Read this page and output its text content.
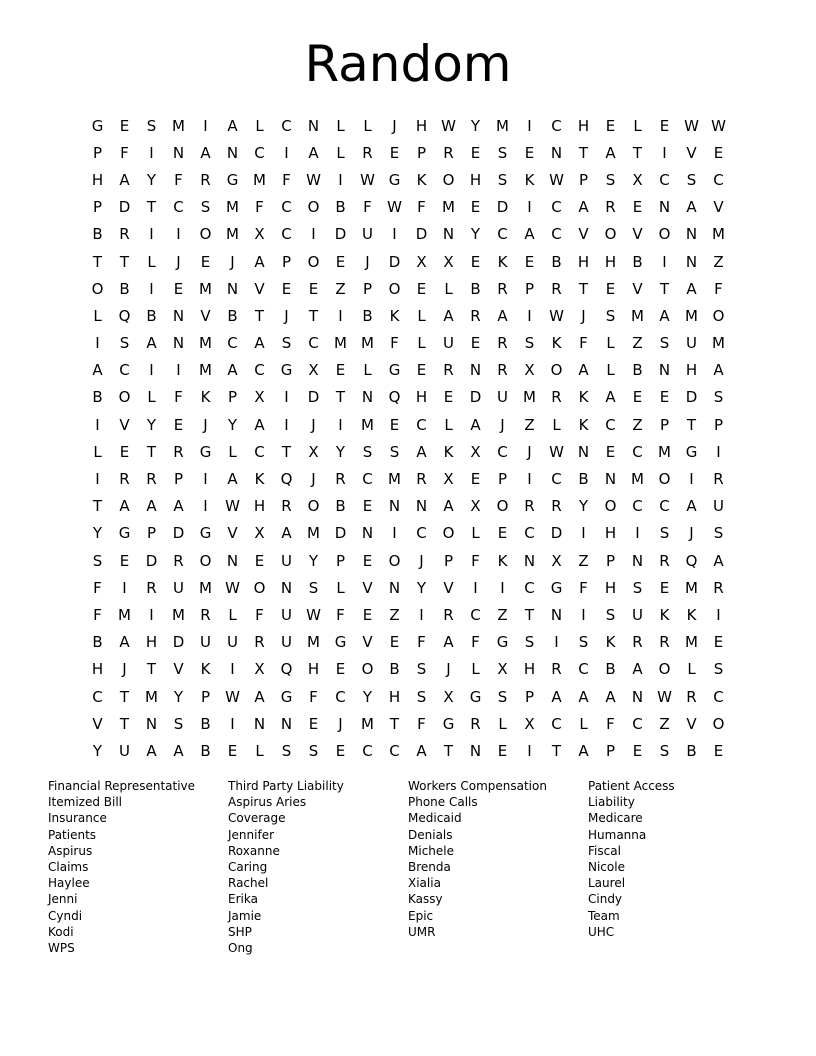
Random
G	E	S	M	I	A	L	C	N	L	L	J	H W Y	M	I	C	H	E	L	E W W
P	F	I	N	A	N	C	I	A	L	R	E	P	R	E	S	E	N	T	A	T	I	V	E
H	A	Y	F	R	G M	F	W	I	W G	K	O	H	S	K W	P	S	X	C	S	C
P	D	T	C	S	M	F	C	O	B	F	W	F	M	E	D	I	C	A	R	E	N	A	V
B	R	I	I	O M	X	C	I	D	U	I	D	N	Y	C	A	C	V	O	V	O	N M
T	T	L	J	E	J	A	P	O	E	J	D	X	X	E	K	E	B	H	H	B	I	N	Z
O	B	I	E	M N	V	E	E	Z	P	O	E	L	B	R	P	R	T	E	V	T	A	F
L	Q	B	N	V	B	T	J	T	I	B	K	L	A	R	A	I	W	J	S	M	A	M O
I	S	A	N M	C	A	S	C	M M	F	L	U	E	R	S	K	F	L	Z	S	U	M
A	C	I	I	M	A	C	G	X	E	L	G	E	R	N	R	X	O	A	L	B	N	H	A
B	O	L	F	K	P	X	I	D	T	N	Q	H	E	D	U	M	R	K	A	E	E	D	S
I	V	Y	E	J	Y	A	I	J	I	M	E	C	L	A	J	Z	L	K	C	Z	P	T	P
L	E	T	R	G	L	C	T	X	Y	S	S	A	K	X	C	J	W N	E	C	M G	I
I	R	R	P	I	A	K	Q	J	R	C	M	R	X	E	P	I	C	B	N M O	I	R
T	A	A	A	I	W H	R	O	B	E	N	N	A	X	O	R	R	Y	O	C	C	A	U
Y	G	P	D	G	V	X	A	M D	N	I	C	O	L	E	C	D	I	H	I	S	J	S
S	E	D	R	O	N	E	U	Y	P	E	O	J	P	F	K	N	X	Z	P	N	R	Q	A
F	I	R	U	M W O	N	S	L	V	N	Y	V	I	I	C	G	F	H	S	E	M	R
F	M	I	M	R	L	F	U W	F	E	Z	I	R	C	Z	T	N	I	S	U	K	K	I
B	A	H	D	U	U	R	U	M G	V	E	F	A	F	G	S	I	S	K	R	R	M	E
H	J	T	V	K	I	X	Q	H	E	O	B	S	J	L	X	H	R	C	B	A	O	L	S
C	T	M	Y	P	W A	G	F	C	Y	H	S	X	G	S	P	A	A	A	N W R	C
V	T	N	S	B	I	N	N	E	J	M	T	F	G	R	L	X	C	L	F	C	Z	V	O
Y	U	A	A	B	E	L	S	S	E	C	C	A	T	N	E	I	T	A	P	E	S	B	E
Financial Representative
Itemized Bill
Insurance
Patients
Aspirus
Claims
Haylee
Jenni
Cyndi
Kodi
WPS
Third Party Liability
Aspirus Aries
Coverage
Jennifer
Roxanne
Caring
Rachel
Erika
Jamie
SHP
Ong
Workers Compensation
Phone Calls
Medicaid
Denials
Michele
Brenda
Xialia
Kassy
Epic
UMR
Patient Access
Liability
Medicare
Humanna
Fiscal
Nicole
Laurel
Cindy
Team
UHC
